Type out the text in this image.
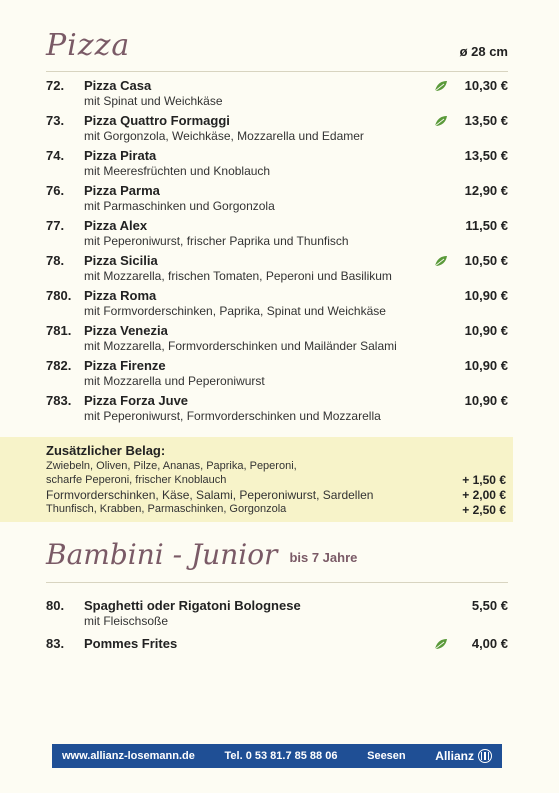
Pizza	ø 28 cm
72. Pizza Casa
mit Spinat und Weichkäse
10,30 €
73. Pizza Quattro Formaggi
mit Gorgonzola, Weichkäse, Mozzarella und Edamer
13,50 €
74. Pizza Pirata
mit Meeresfrüchten und Knoblauch
13,50 €
76. Pizza Parma
mit Parmaschinken und Gorgonzola
12,90 €
77. Pizza Alex
mit Peperoniwurst, frischer Paprika und Thunfisch
11,50 €
78. Pizza Sicilia
mit Mozzarella, frischen Tomaten, Peperoni und Basilikum
10,50 €
780. Pizza Roma
mit Formvorderschinken, Paprika, Spinat und Weichkäse
10,90 €
781. Pizza Venezia
mit Mozzarella, Formvorderschinken und Mailänder Salami
10,90 €
782. Pizza Firenze
mit Mozzarella und Peperoniwurst
10,90 €
783. Pizza Forza Juve
mit Peperoniwurst, Formvorderschinken und Mozzarella
10,90 €
Zusätzlicher Belag:
Zwiebeln, Oliven, Pilze, Ananas, Paprika, Peperoni,
scharfe Peperoni, frischer Knoblauch	+ 1,50 €
Formvorderschinken, Käse, Salami, Peperoniwurst, Sardellen	+ 2,00 €
Thunfisch, Krabben, Parmaschinken, Gorgonzola	+ 2,50 €
Bambini - Junior bis 7 Jahre
80. Spaghetti oder Rigatoni Bolognese
mit Fleischsoße
5,50 €
83. Pommes Frites	4,00 €
www.allianz-losemann.de	Tel. 0 53 81.7 85 88 06	Seesen Allianz
